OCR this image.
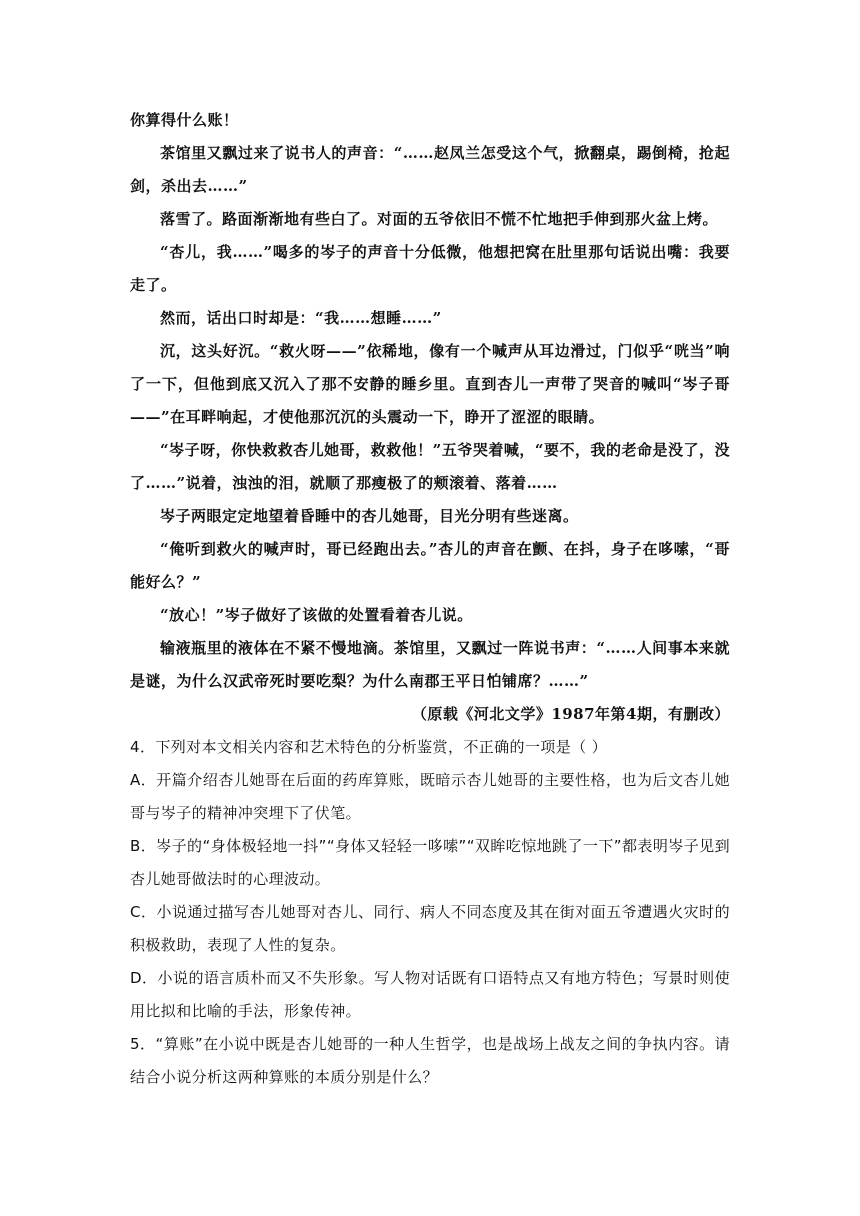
你算得什么账！

茶馆里又飘过来了说书人的声音：“……赵凤兰怎受这个气，掀翻桌，踢倒椅，抢起剑，杀出去……”

落雪了。路面渐渐地有些白了。对面的五爷依旧不慌不忙地把手伸到那火盆上烤。

“杏儿，我……”喝多的岑子的声音十分低微，他想把窝在肚里那句话说出嘴：我要走了。

然而，话出口时却是：“我……想睡……”

沉，这头好沉。“救火呀——”依稀地，像有一个喊声从耳边滑过，门似乎“咣当”响了一下，但他到底又沉入了那不安静的睡乡里。直到杏儿一声带了哭音的喊叫“岑子哥——”在耳畔响起，才使他那沉沉的头震动一下，睁开了涩涩的眼睛。

“岑子呀，你快救救杏儿她哥，救救他！”五爷哭着喊，“要不，我的老命是没了，没了……”说着，浊浊的泪，就顺了那瘦极了的颊滚着、落着……

岑子两眼定定地望着昏睡中的杏儿她哥，目光分明有些迷离。

“俺听到救火的喊声时，哥已经跑出去。”杏儿的声音在颤、在抖，身子在哆嗦，“哥能好么？”

“放心！”岑子做好了该做的处置看着杏儿说。

输液瓶里的液体在不紧不慢地滴。茶馆里，又飘过一阵说书声：“……人间事本来就是谜，为什么汉武帝死时要吃梨？为什么南郡王平日怕铺席？……”

（原载《河北文学》1987年第4期，有删改）

4．下列对本文相关内容和艺术特色的分析鉴赏，不正确的一项是（ ）

A．开篇介绍杏儿她哥在后面的药库算账，既暗示杏儿她哥的主要性格，也为后文杏儿她哥与岑子的精神冲突埋下了伏笔。

B．岑子的“身体极轻地一抖”“身体又轻轻一哆嗦”“双眸吃惊地跳了一下”都表明岑子见到杏儿她哥做法时的心理波动。

C．小说通过描写杏儿她哥对杏儿、同行、病人不同态度及其在街对面五爷遭遇火灾时的积极救助，表现了人性的复杂。

D．小说的语言质朴而又不失形象。写人物对话既有口语特点又有地方特色；写景时则使用比拟和比喻的手法，形象传神。

5．“算账”在小说中既是杏儿她哥的一种人生哲学，也是战场上战友之间的争执内容。请结合小说分析这两种算账的本质分别是什么？
